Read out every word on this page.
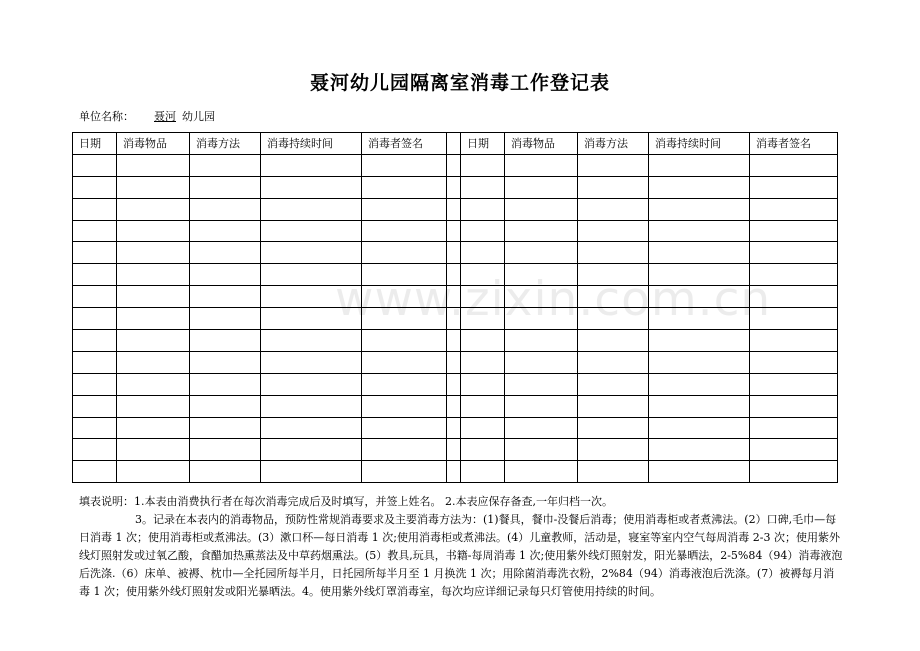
聂河幼儿园隔离室消毒工作登记表
单位名称： 聂河 幼儿园
日期	消毒物品	消毒方法	消毒持续时间	消毒者签名		日期	消毒物品	消毒方法	消毒持续时间	消毒者签名

www.zixin.com.cn

填表说明：1.本表由消费执行者在每次消毒完成后及时填写，并签上姓名。 2.本表应保存备查,一年归档一次。

3。记录在本表内的消毒物品，预防性常规消毒要求及主要消毒方法为：(1)餐具，餐巾-没餐后消毒；使用消毒柜或者煮沸法。(2）口碑,毛巾—每日消毒 1 次；使用消毒柜或煮沸法。(3）漱口杯—每日消毒 1 次;使用消毒柜或煮沸法。(4）儿童教师，活动是，寝室等室内空气每周消毒 2-3 次；使用紫外线灯照射发或过氧乙酸，食醋加热熏蒸法及中草药烟熏法。(5）教具,玩具，书籍-每周消毒 1 次;使用紫外线灯照射发，阳光暴晒法，2-5%84（94）消毒液泡后洗涤.（6）床单、被褥、枕巾—全托园所每半月，日托园所每半月至 1 月换洗 1 次；用除菌消毒洗衣粉，2%84（94）消毒液泡后洗涤。(7）被褥每月消毒 1 次；使用紫外线灯照射发或阳光暴晒法。4。使用紫外线灯罩消毒室，每次均应详细记录每只灯管使用持续的时间。
